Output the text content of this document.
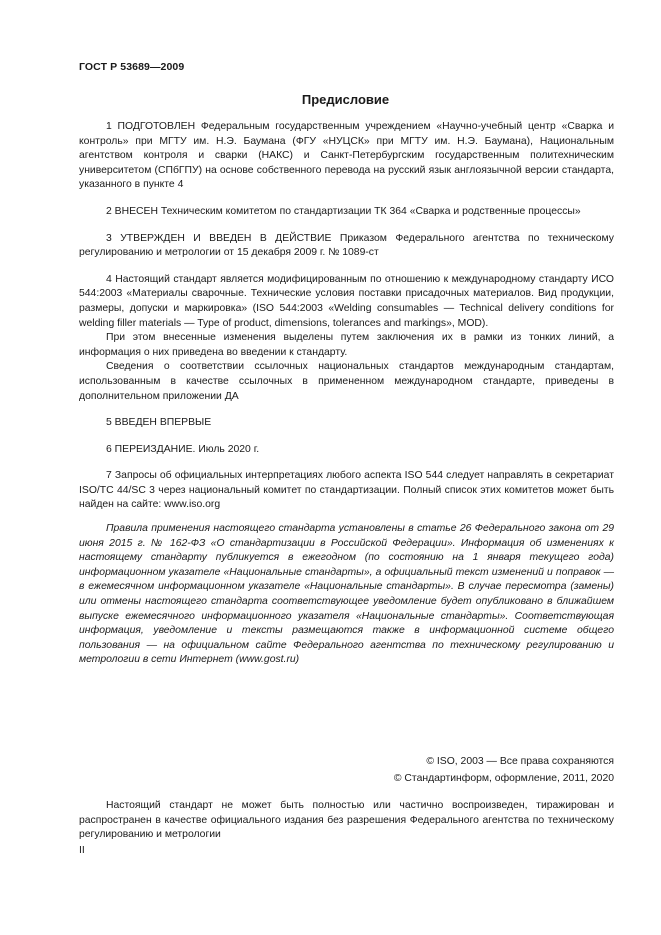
ГОСТ Р 53689—2009
Предисловие

1 ПОДГОТОВЛЕН Федеральным государственным учреждением «Научно-учебный центр «Сварка и контроль» при МГТУ им. Н.Э. Баумана (ФГУ «НУЦСК» при МГТУ им. Н.Э. Баумана), Национальным агентством контроля и сварки (НАКС) и Санкт-Петербургским государственным политехническим университетом (СПбГПУ) на основе собственного перевода на русский язык англоязычной версии стандарта, указанного в пункте 4

2 ВНЕСЕН Техническим комитетом по стандартизации ТК 364 «Сварка и родственные процессы»

3 УТВЕРЖДЕН И ВВЕДЕН В ДЕЙСТВИЕ Приказом Федерального агентства по техническому регулированию и метрологии от 15 декабря 2009 г. № 1089-ст

4 Настоящий стандарт является модифицированным по отношению к международному стандарту ИСО 544:2003 «Материалы сварочные. Технические условия поставки присадочных материалов. Вид продукции, размеры, допуски и маркировка» (ISO 544:2003 «Welding consumables — Technical delivery conditions for welding filler materials — Type of product, dimensions, tolerances and markings», MOD).

При этом внесенные изменения выделены путем заключения их в рамки из тонких линий, а информация о них приведена во введении к стандарту.

Сведения о соответствии ссылочных национальных стандартов международным стандартам, использованным в качестве ссылочных в примененном международном стандарте, приведены в дополнительном приложении ДА

5 ВВЕДЕН ВПЕРВЫЕ

6 ПЕРЕИЗДАНИЕ. Июль 2020 г.

7 Запросы об официальных интерпретациях любого аспекта ISO 544 следует направлять в секретариат ISO/TC 44/SC 3 через национальный комитет по стандартизации. Полный список этих комитетов может быть найден на сайте: www.iso.org

Правила применения настоящего стандарта установлены в статье 26 Федерального закона от 29 июня 2015 г. № 162-ФЗ «О стандартизации в Российской Федерации». Информация об изменениях к настоящему стандарту публикуется в ежегодном (по состоянию на 1 января текущего года) информационном указателе «Национальные стандарты», а официальный текст изменений и поправок — в ежемесячном информационном указателе «Национальные стандарты». В случае пересмотра (замены) или отмены настоящего стандарта соответствующее уведомление будет опубликовано в ближайшем выпуске ежемесячного информационного указателя «Национальные стандарты». Соответствующая информация, уведомление и тексты размещаются также в информационной системе общего пользования — на официальном сайте Федерального агентства по техническому регулированию и метрологии в сети Интернет (www.gost.ru)

© ISO, 2003 — Все права сохраняются
© Стандартинформ, оформление, 2011, 2020

Настоящий стандарт не может быть полностью или частично воспроизведен, тиражирован и распространен в качестве официального издания без разрешения Федерального агентства по техническому регулированию и метрологии

II
